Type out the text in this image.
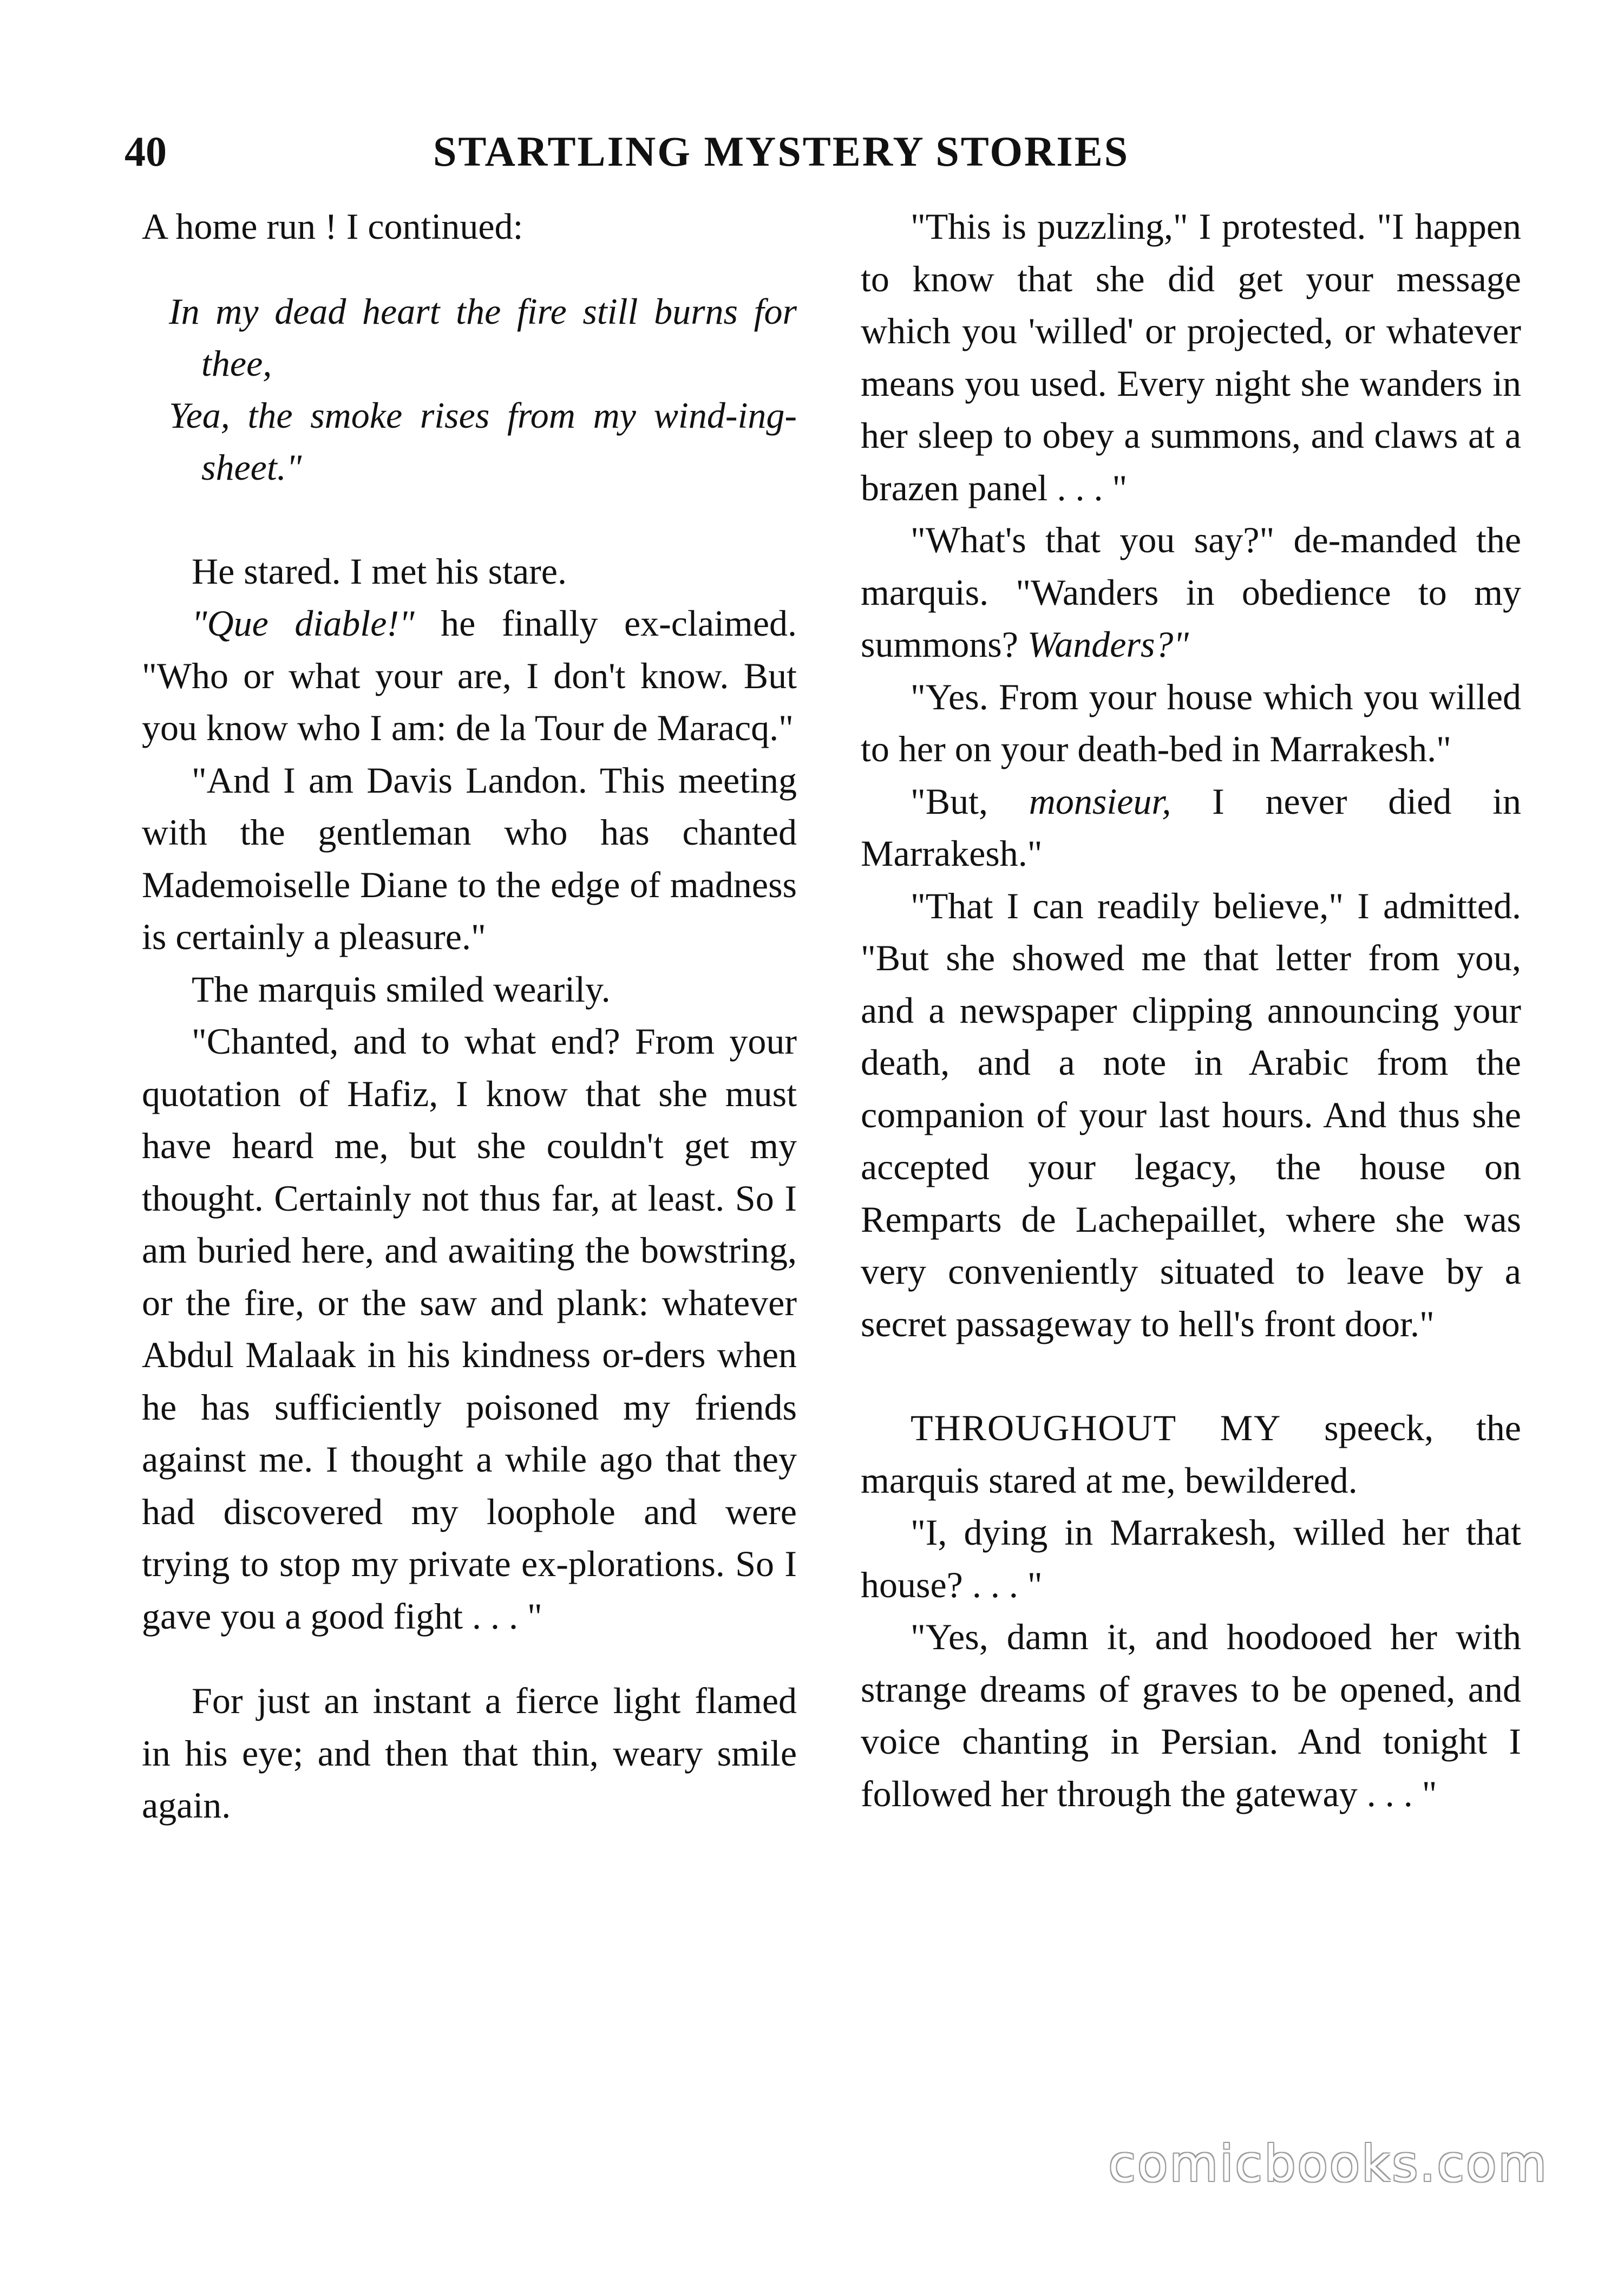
40	STARTLING MYSTERY STORIES

A home run ! I continued:

In my dead heart the fire still burns for thee,

Yea, the smoke rises from my wind-ing-sheet."

He stared. I met his stare.

"Que diable!" he finally ex-claimed. "Who or what your are, I don't know. But you know who I am: de la Tour de Maracq."

"And I am Davis Landon. This meeting with the gentleman who has chanted Mademoiselle Diane to the edge of madness is certainly a pleasure."

The marquis smiled wearily.

"Chanted, and to what end? From your quotation of Hafiz, I know that she must have heard me, but she couldn't get my thought. Certainly not thus far, at least. So I am buried here, and awaiting the bowstring, or the fire, or the saw and plank: whatever Abdul Malaak in his kindness or-ders when he has sufficiently poisoned my friends against me. I thought a while ago that they had discovered my loophole and were trying to stop my private ex-plorations. So I gave you a good fight . . . "

For just an instant a fierce light flamed in his eye; and then that thin, weary smile again.

"This is puzzling," I protested. "I happen to know that she did get your message which you 'willed' or projected, or whatever means you used. Every night she wanders in her sleep to obey a summons, and claws at a brazen panel . . . "

"What's that you say?" de-manded the marquis. "Wanders in obedience to my summons? Wanders?"

"Yes. From your house which you willed to her on your death-bed in Marrakesh."

"But, monsieur, I never died in Marrakesh."

"That I can readily believe," I admitted. "But she showed me that letter from you, and a newspaper clipping announcing your death, and a note in Arabic from the companion of your last hours. And thus she accepted your legacy, the house on Remparts de Lachepaillet, where she was very conveniently situated to leave by a secret passageway to hell's front door."

THROUGHOUT MY speeck, the marquis stared at me, bewildered.

"I, dying in Marrakesh, willed her that house? . . . "

"Yes, damn it, and hoodooed her with strange dreams of graves to be opened, and voice chanting in Persian. And tonight I followed her through the gateway . . . "

comicbooks.com
